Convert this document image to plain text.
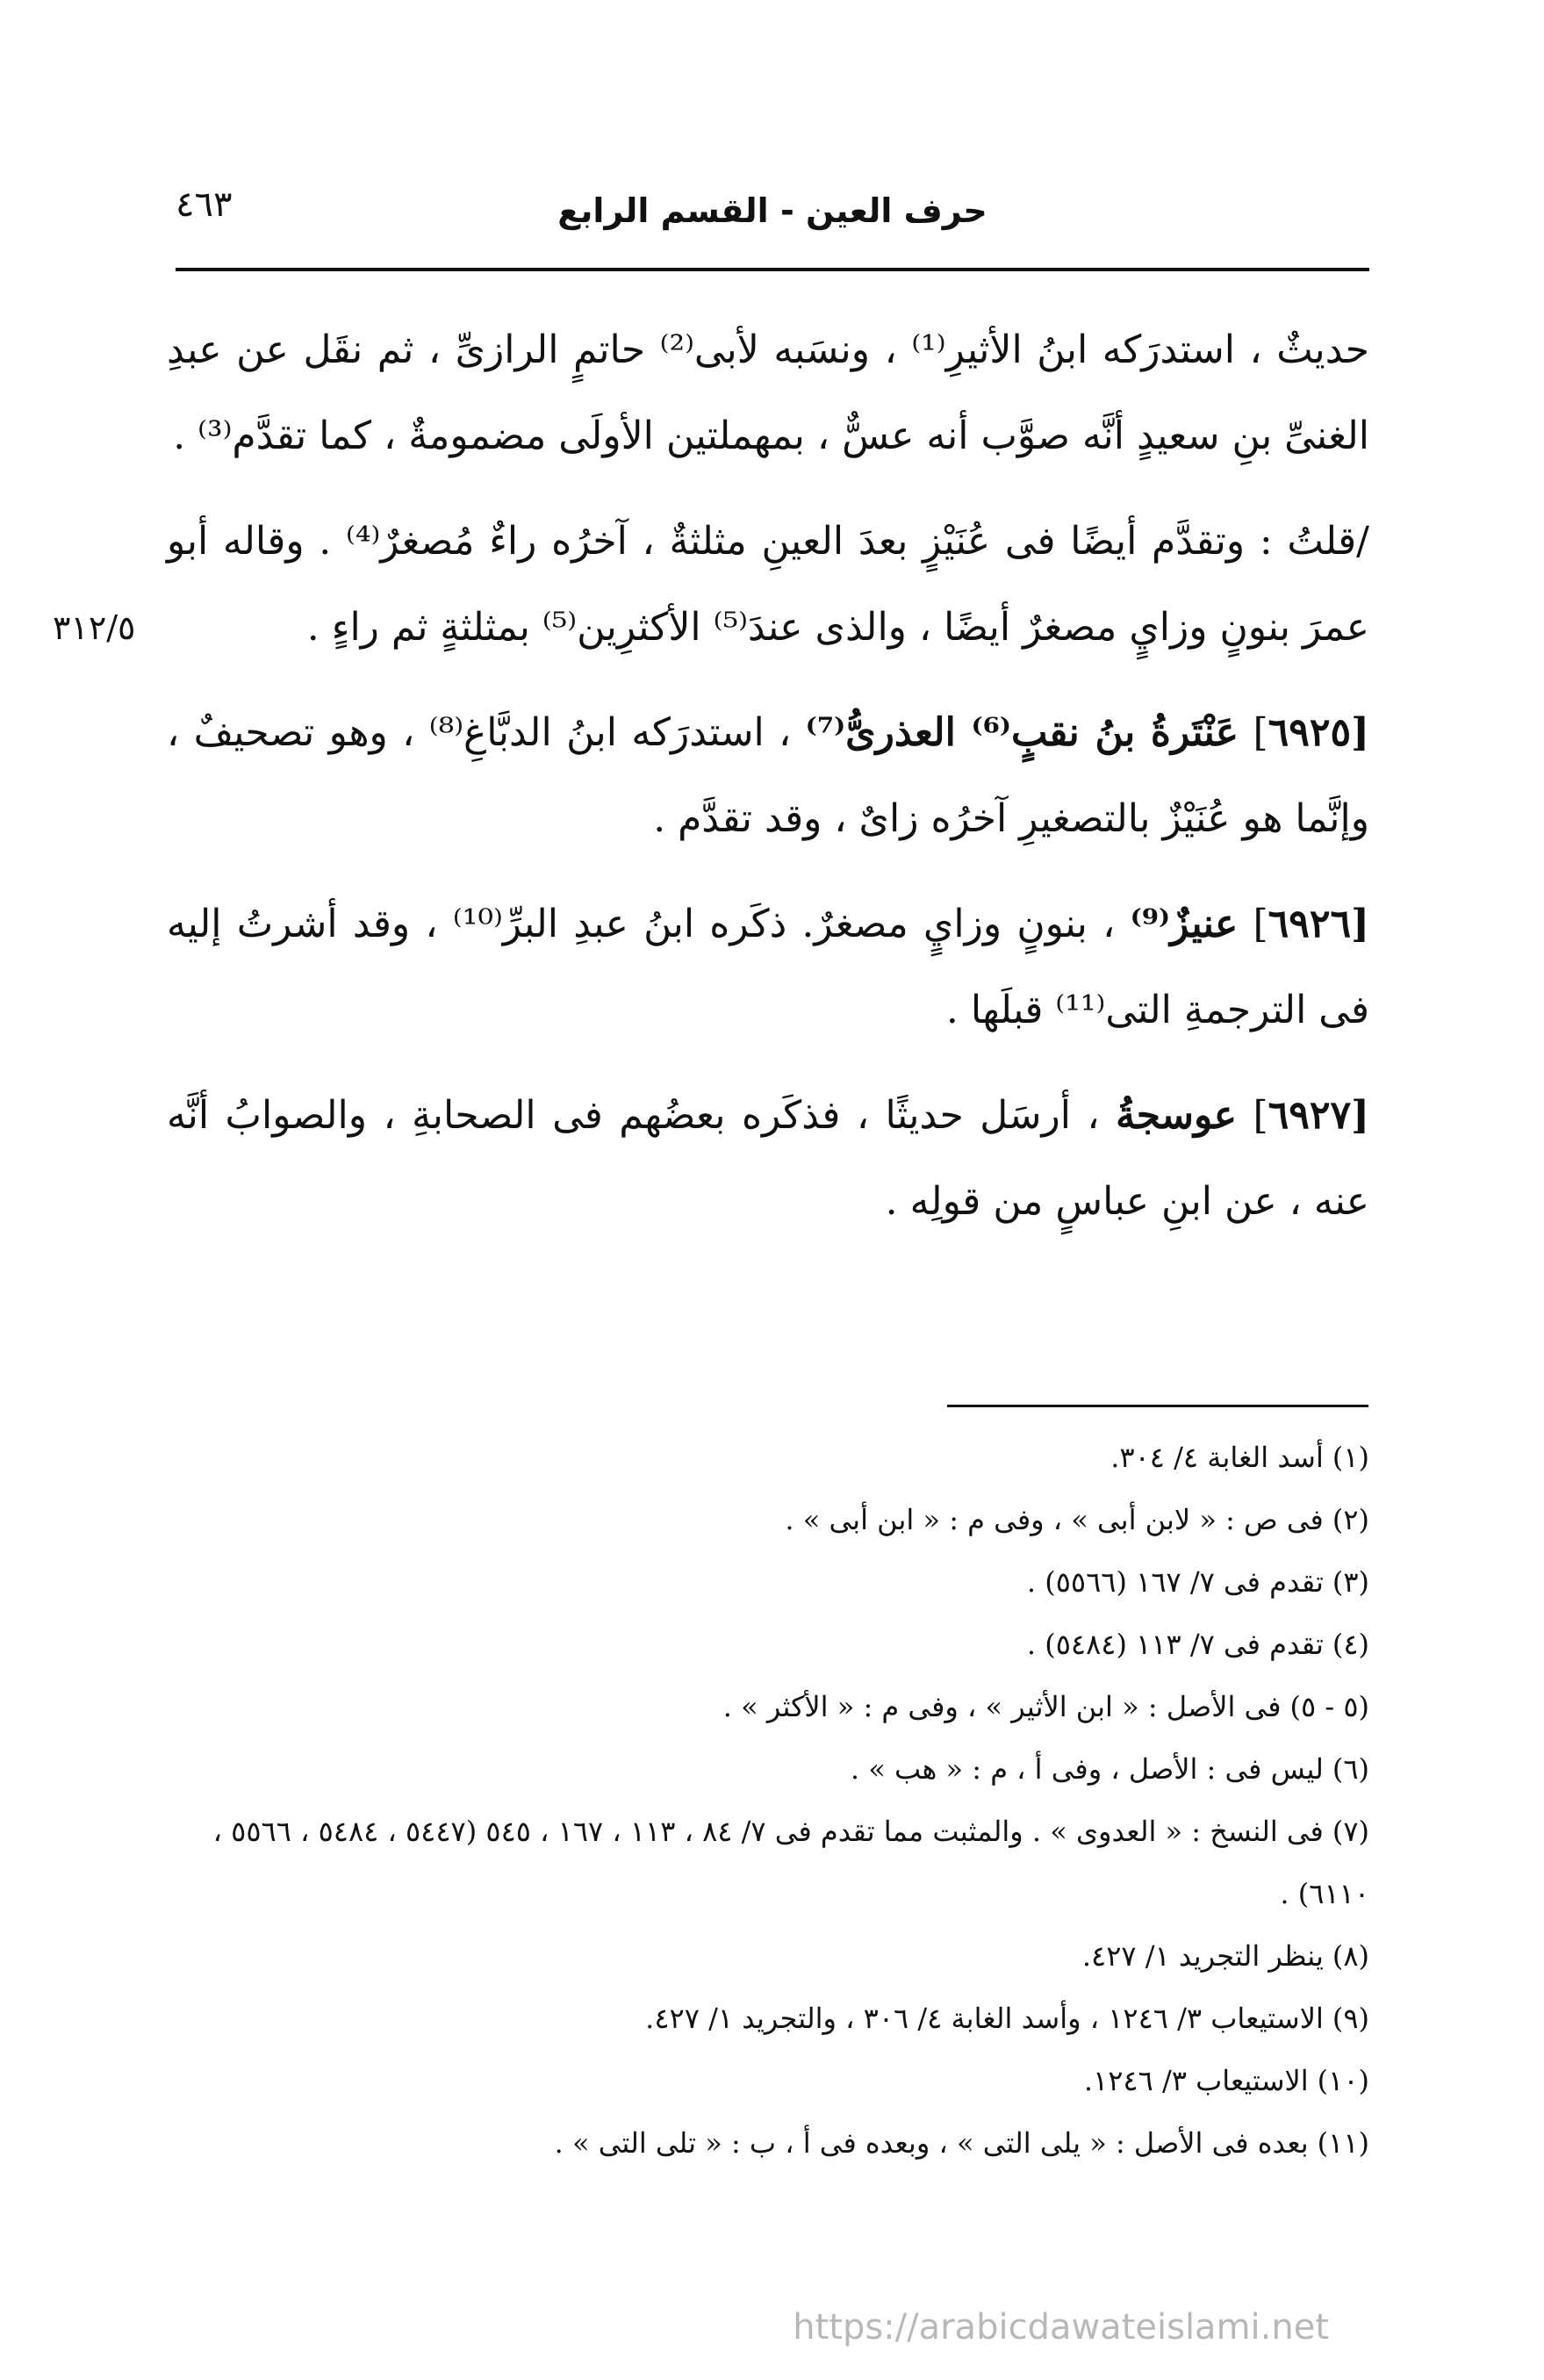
٤٦٣	حرف العين - القسم الرابع
٣١٢/٥

حديثٌ ، استدرَكه ابنُ الأثيرِ⁽¹⁾ ، ونسَبه لأبى⁽²⁾ حاتمٍ الرازىِّ ، ثم نقَل عن عبدِ الغنىِّ بنِ سعيدٍ أنَّه صوَّب أنه عسٌّ ، بمهملتين الأولَى مضمومةٌ ، كما تقدَّم⁽³⁾ .

/قلتُ : وتقدَّم أيضًا فى عُنَيْزٍ بعدَ العينِ مثلثةٌ ، آخرُه راءٌ مُصغرٌ⁽⁴⁾ . وقاله أبو عمرَ بنونٍ وزايٍ مصغرٌ أيضًا ، والذى عندَ⁽⁵⁾ الأكثرِين⁽⁵⁾ بمثلثةٍ ثم راءٍ .

[٦٩٢٥] عَنْتَرةُ بنُ نقبٍ⁽⁶⁾ العذرىُّ⁽⁷⁾ ، استدرَكه ابنُ الدبَّاغِ⁽⁸⁾ ، وهو تصحيفٌ ، وإنَّما هو عُنَيْزٌ بالتصغيرِ آخرُه زاىٌ ، وقد تقدَّم .

[٦٩٢٦] عنيزٌ⁽⁹⁾ ، بنونٍ وزايٍ مصغرٌ. ذكَره ابنُ عبدِ البرِّ⁽¹⁰⁾ ، وقد أشرتُ إليه فى الترجمةِ التى⁽¹¹⁾ قبلَها .

[٦٩٢٧] عوسجةُ ، أرسَل حديثًا ، فذكَره بعضُهم فى الصحابةِ ، والصوابُ أنَّه عنه ، عن ابنِ عباسٍ من قولِه .

(١)أسد الغابة ٤/ ٣٠٤.

(٢)فى ص : « لابن أبى » ، وفى م : « ابن أبى » .

(٣)تقدم فى ٧/ ١٦٧ (٥٥٦٦) .

(٤)تقدم فى ٧/ ١١٣ (٥٤٨٤) .

(٥ - ٥)فى الأصل : « ابن الأثير » ، وفى م : « الأكثر » .

(٦)ليس فى : الأصل ، وفى أ ، م : « هب » .

(٧)فى النسخ : « العدوى » . والمثبت مما تقدم فى ٧/ ٨٤ ، ١١٣ ، ١٦٧ ، ٥٤٥ (٥٤٤٧ ، ٥٤٨٤ ، ٥٥٦٦ ، ٦١١٠) .

(٨)ينظر التجريد ١/ ٤٢٧.

(٩)الاستيعاب ٣/ ١٢٤٦ ، وأسد الغابة ٤/ ٣٠٦ ، والتجريد ١/ ٤٢٧.

(١٠)الاستيعاب ٣/ ١٢٤٦.

(١١)بعده فى الأصل : « يلى التى » ، وبعده فى أ ، ب : « تلى التى » .

https://arabicdawateislami.net
